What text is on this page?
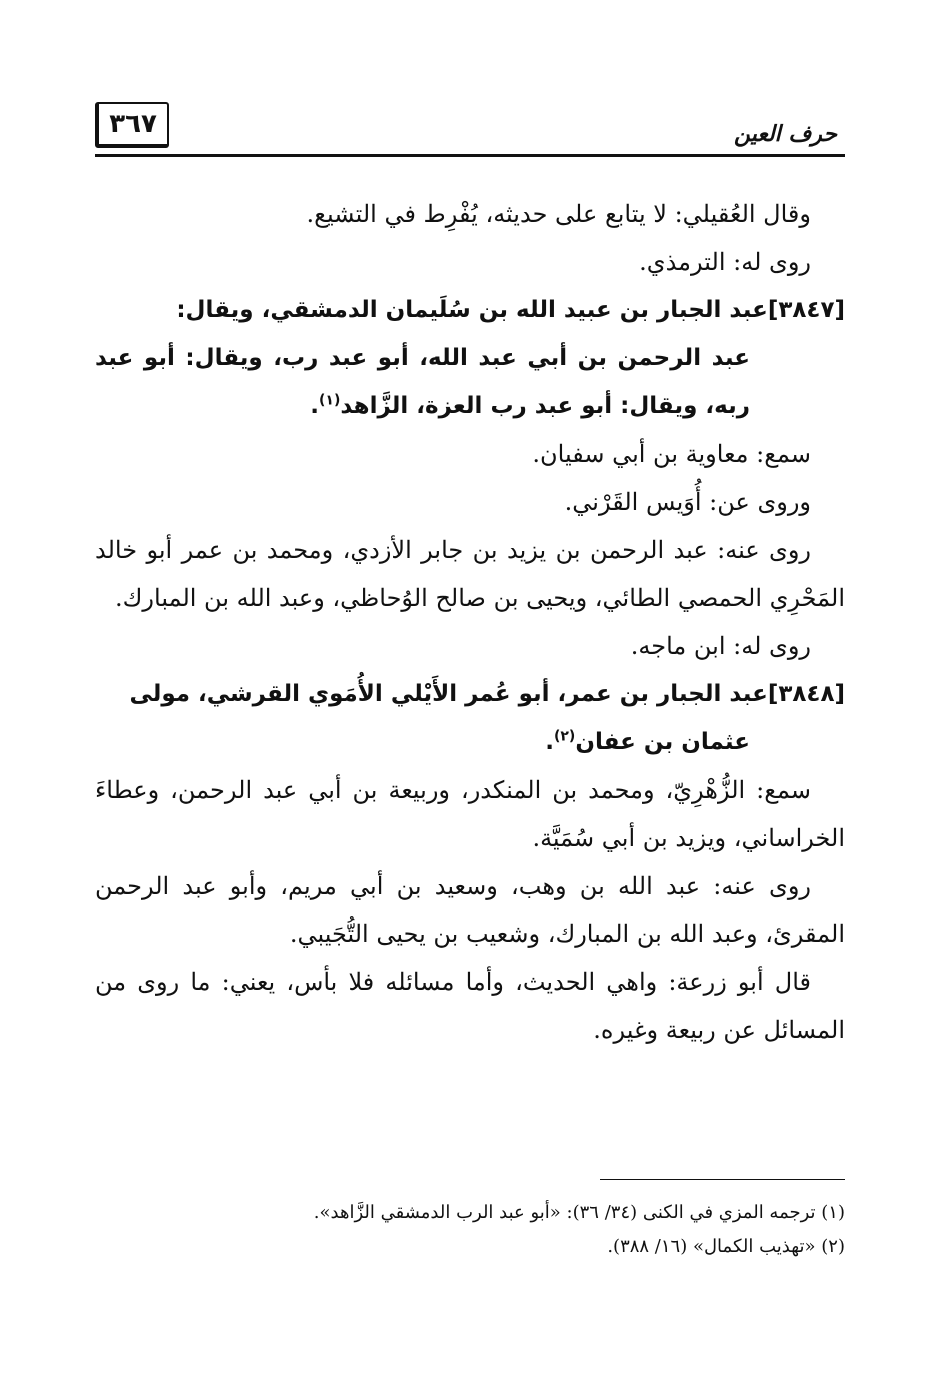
حرف العين
٣٦٧

وقال العُقيلي: لا يتابع على حديثه، يُفْرِط في التشيع.

روى له: الترمذي.

[٣٨٤٧]عبد الجبار بن عبيد الله بن سُلَيمان الدمشقي، ويقال:
عبد الرحمن بن أبي عبد الله، أبو عبد رب، ويقال: أبو عبد ربه، ويقال: أبو عبد رب العزة، الزَّاهد$^{(١)}$.

سمع: معاوية بن أبي سفيان.

وروى عن: أُوَيس القَرْني.

روى عنه: عبد الرحمن بن يزيد بن جابر الأزدي، ومحمد بن عمر أبو خالد المَحْرِي الحمصي الطائي، ويحيى بن صالح الوُحاظي، وعبد الله بن المبارك.

روى له: ابن ماجه.

[٣٨٤٨]عبد الجبار بن عمر، أبو عُمر الأَيْلي الأُمَوي القرشي، مولى
عثمان بن عفان$^{(٢)}$.

سمع: الزُّهْرِيّ، ومحمد بن المنكدر، وربيعة بن أبي عبد الرحمن، وعطاءَ الخراساني، ويزيد بن أبي سُمَيَّة.

روى عنه: عبد الله بن وهب، وسعيد بن أبي مريم، وأبو عبد الرحمن المقرئ، وعبد الله بن المبارك، وشعيب بن يحيى التُّجَيبي.

قال أبو زرعة: واهي الحديث، وأما مسائله فلا بأس، يعني: ما روى من المسائل عن ربيعة وغيره.

(١) ترجمه المزي في الكنى (٣٤/ ٣٦): «أبو عبد الرب الدمشقي الزَّاهد».

(٢) «تهذيب الكمال» (١٦/ ٣٨٨).
